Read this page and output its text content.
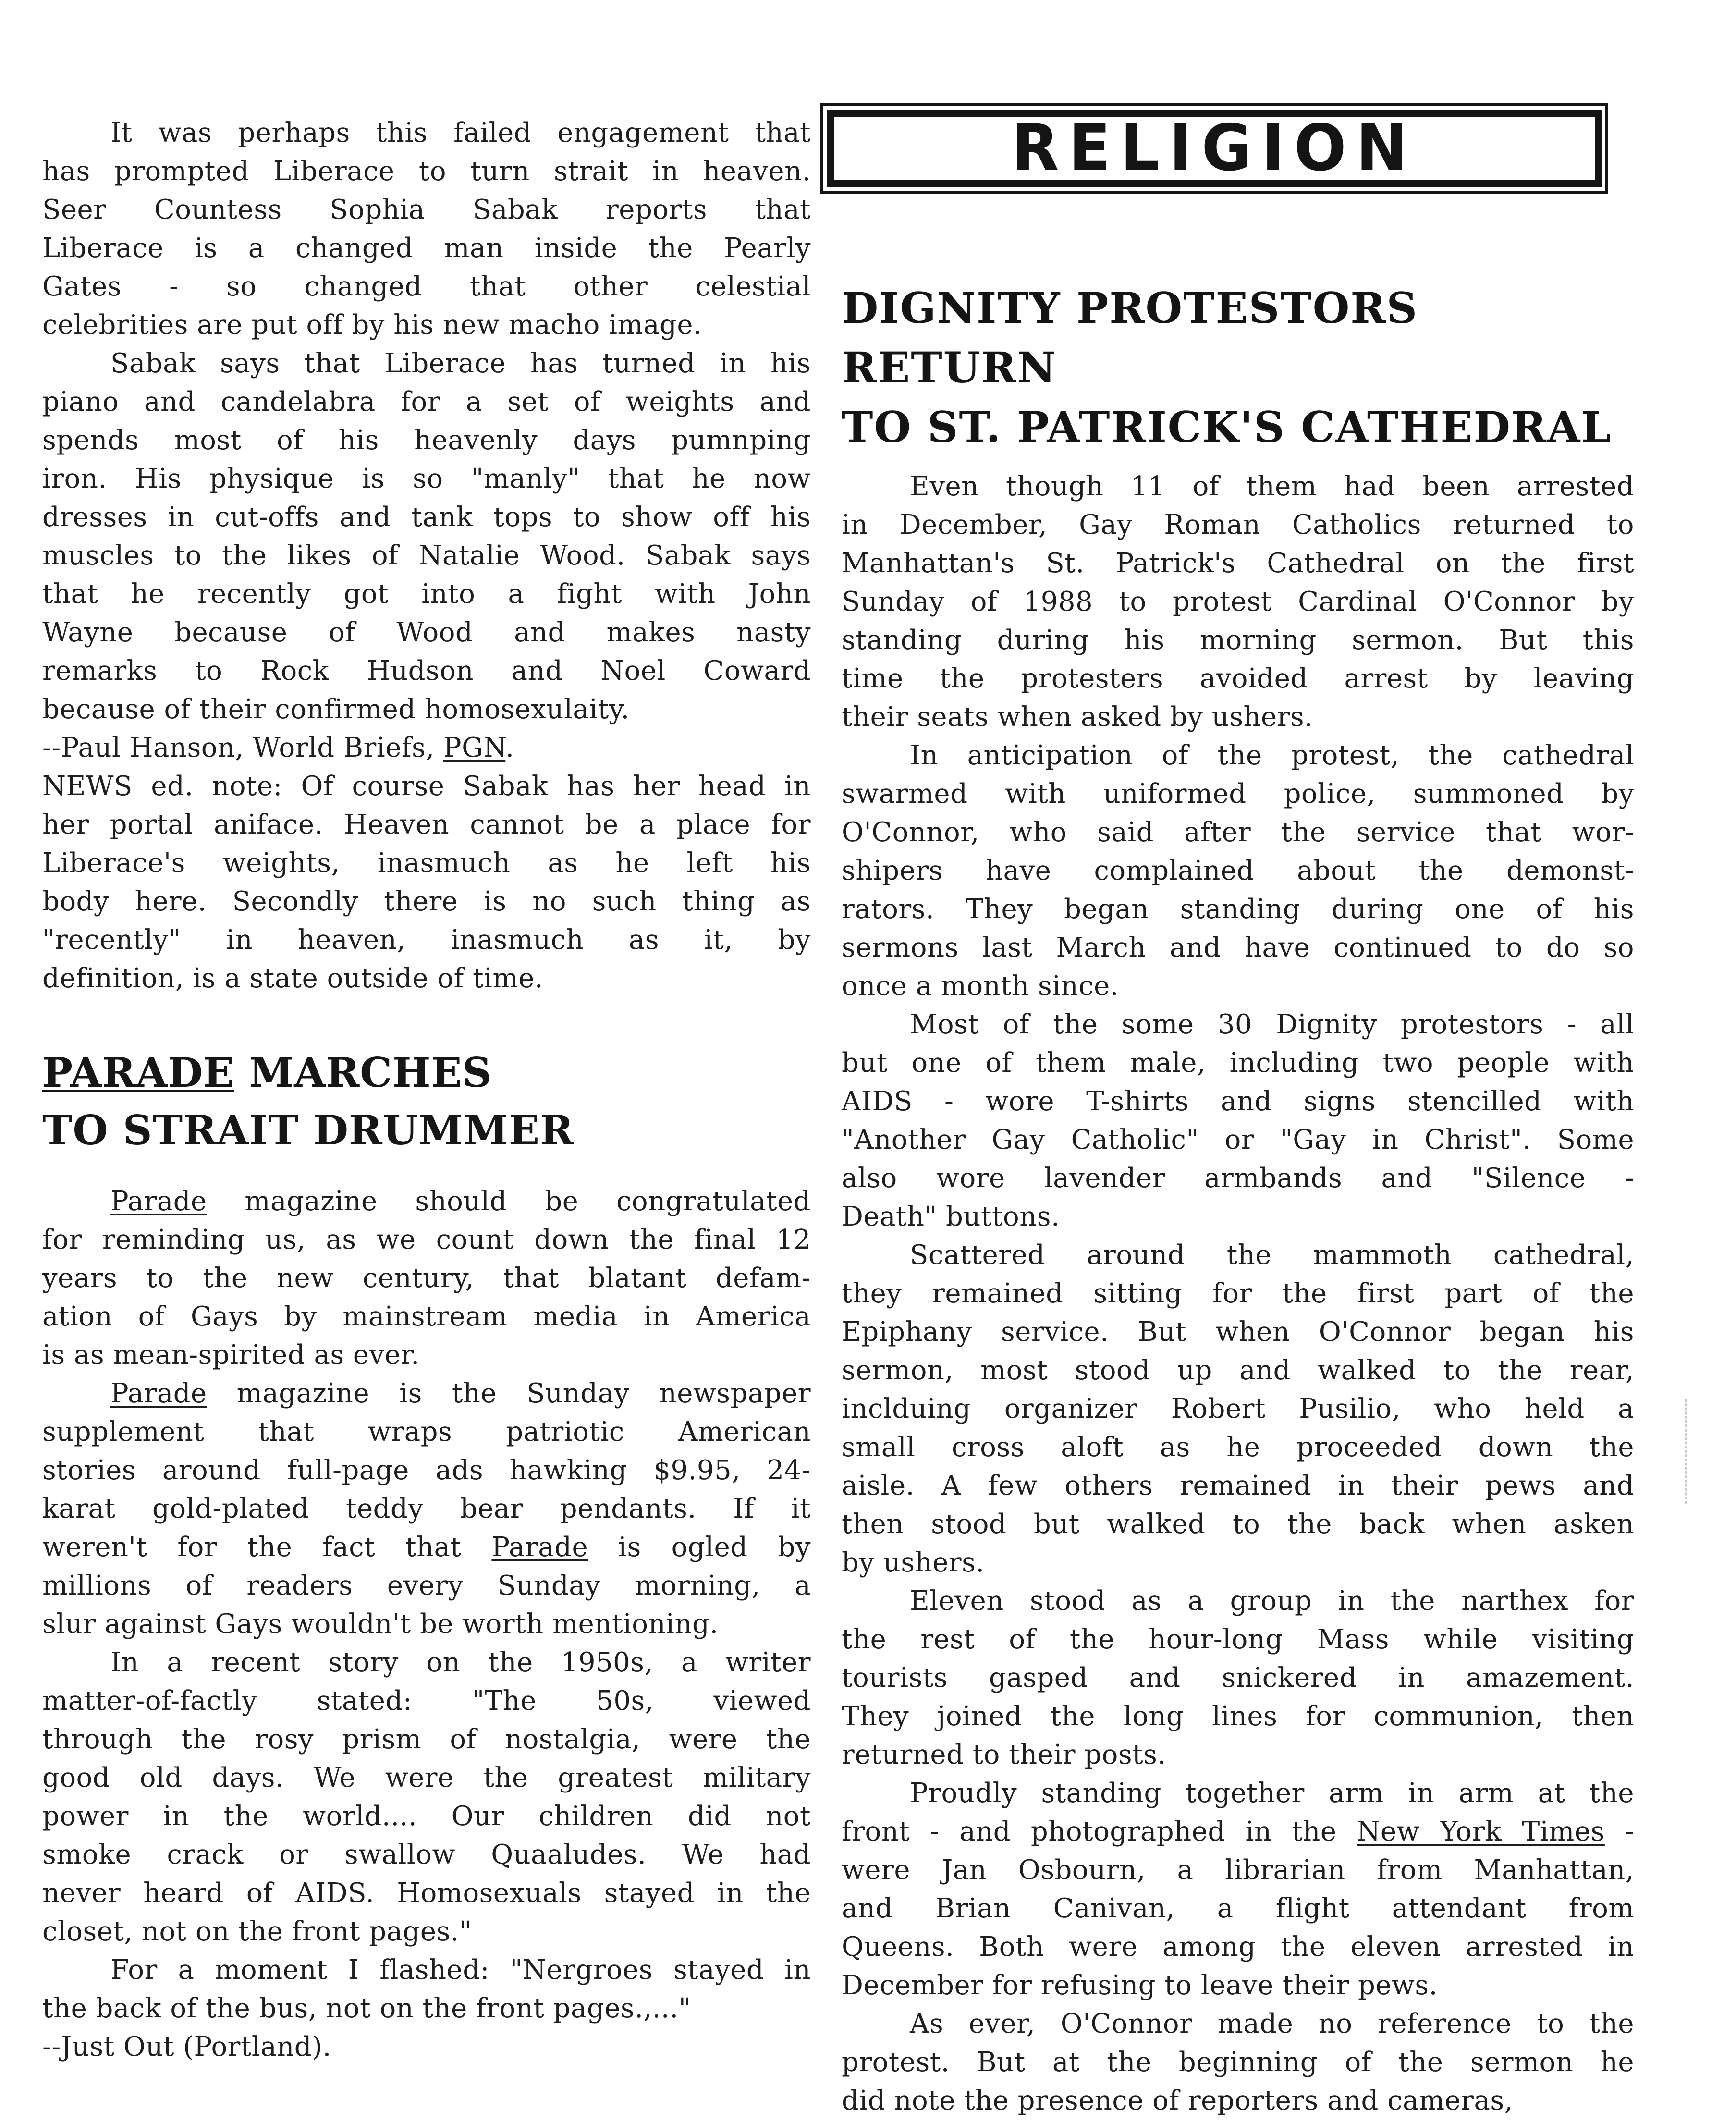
It was perhaps this failed engagement that
has prompted Liberace to turn strait in heaven.
Seer Countess Sophia Sabak reports that
Liberace is a changed man inside the Pearly
Gates - so changed that other celestial
celebrities are put off by his new macho image.
Sabak says that Liberace has turned in his
piano and candelabra for a set of weights and
spends most of his heavenly days pumnping
iron. His physique is so "manly" that he now
dresses in cut-offs and tank tops to show off his
muscles to the likes of Natalie Wood. Sabak says
that he recently got into a fight with John
Wayne because of Wood and makes nasty
remarks to Rock Hudson and Noel Coward
because of their confirmed homosexulaity.
--Paul Hanson, World Briefs, PGN.
NEWS ed. note: Of course Sabak has her head in
her portal aniface. Heaven cannot be a place for
Liberace's weights, inasmuch as he left his
body here. Secondly there is no such thing as
"recently" in heaven, inasmuch as it, by
definition, is a state outside of time.
PARADE MARCHES
TO STRAIT DRUMMER
Parade magazine should be congratulated
for reminding us, as we count down the final 12
years to the new century, that blatant defam-
ation of Gays by mainstream media in America
is as mean-spirited as ever.
Parade magazine is the Sunday newspaper
supplement that wraps patriotic American
stories around full-page ads hawking $9.95, 24-
karat gold-plated teddy bear pendants. If it
weren't for the fact that Parade is ogled by
millions of readers every Sunday morning, a
slur against Gays wouldn't be worth mentioning.
In a recent story on the 1950s, a writer
matter-of-factly stated: "The 50s, viewed
through the rosy prism of nostalgia, were the
good old days. We were the greatest military
power in the world.... Our children did not
smoke crack or swallow Quaaludes. We had
never heard of AIDS. Homosexuals stayed in the
closet, not on the front pages."
For a moment I flashed: "Nergroes stayed in
the back of the bus, not on the front pages.,..."
--Just Out (Portland).
RELIGION
DIGNITY PROTESTORS RETURN
TO ST. PATRICK'S CATHEDRAL
Even though 11 of them had been arrested
in December, Gay Roman Catholics returned to
Manhattan's St. Patrick's Cathedral on the first
Sunday of 1988 to protest Cardinal O'Connor by
standing during his morning sermon. But this
time the protesters avoided arrest by leaving
their seats when asked by ushers.
In anticipation of the protest, the cathedral
swarmed with uniformed police, summoned by
O'Connor, who said after the service that wor-
shipers have complained about the demonst-
rators. They began standing during one of his
sermons last March and have continued to do so
once a month since.
Most of the some 30 Dignity protestors - all
but one of them male, including two people with
AIDS - wore T-shirts and signs stencilled with
"Another Gay Catholic" or "Gay in Christ". Some
also wore lavender armbands and "Silence -
Death" buttons.
Scattered around the mammoth cathedral,
they remained sitting for the first part of the
Epiphany service. But when O'Connor began his
sermon, most stood up and walked to the rear,
inclduing organizer Robert Pusilio, who held a
small cross aloft as he proceeded down the
aisle. A few others remained in their pews and
then stood but walked to the back when asken
by ushers.
Eleven stood as a group in the narthex for
the rest of the hour-long Mass while visiting
tourists gasped and snickered in amazement.
They joined the long lines for communion, then
returned to their posts.
Proudly standing together arm in arm at the
front - and photographed in the New York Times -
were Jan Osbourn, a librarian from Manhattan,
and Brian Canivan, a flight attendant from
Queens. Both were among the eleven arrested in
December for refusing to leave their pews.
As ever, O'Connor made no reference to the
protest. But at the beginning of the sermon he
did note the presence of reporters and cameras,
